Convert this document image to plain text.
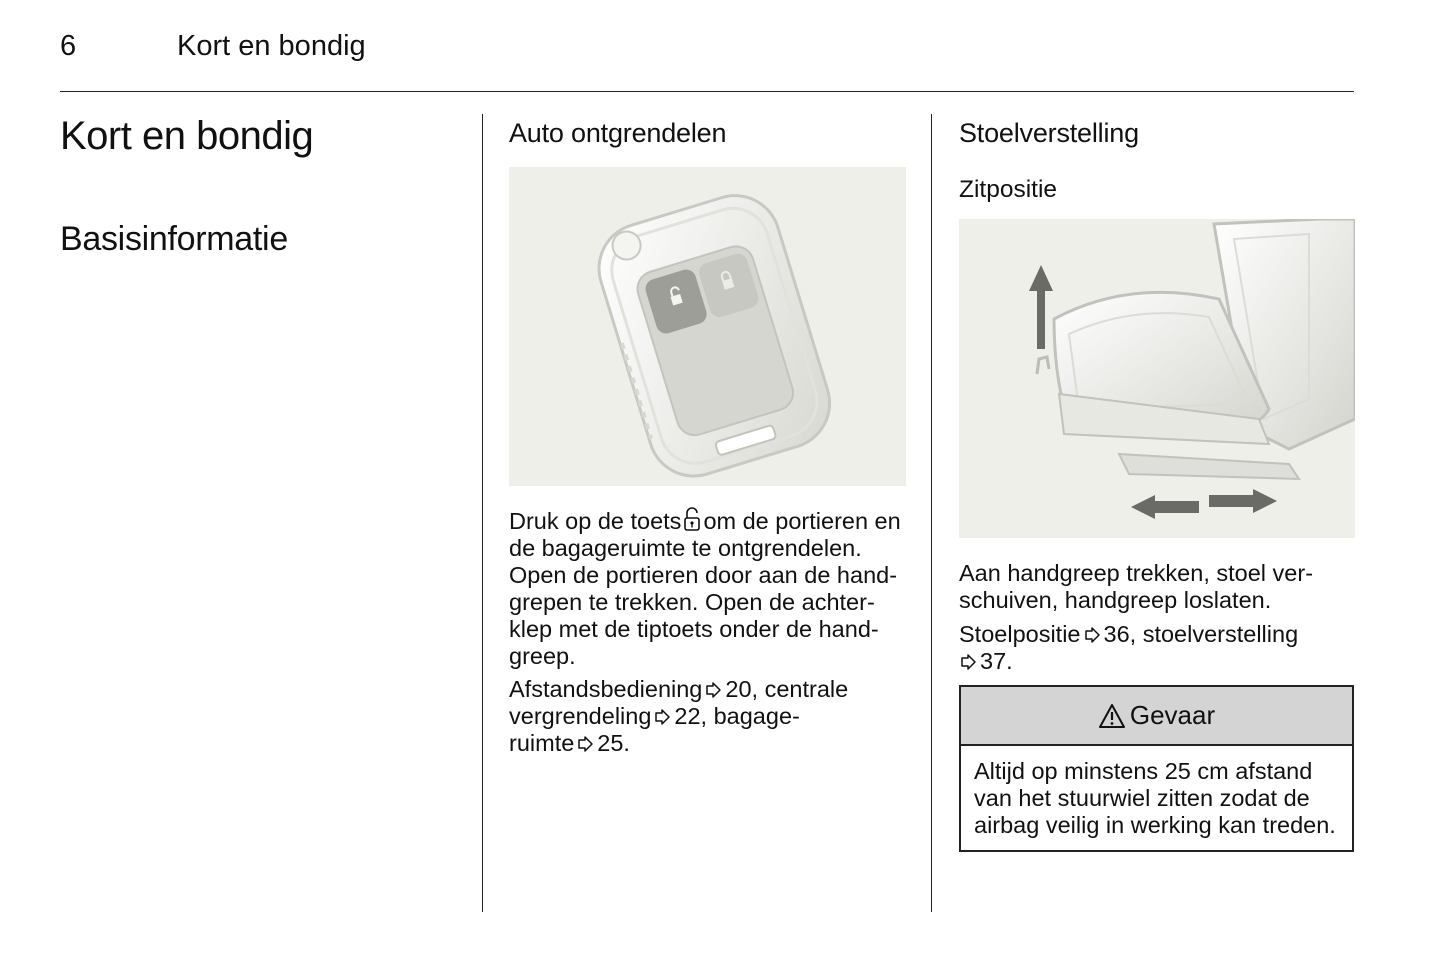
6	Kort en bondig
Kort en bondig
Basisinformatie
Auto ontgrendelen
Druk op de toets om de portieren en
de bagageruimte te ontgrendelen.
Open de portieren door aan de hand-
grepen te trekken. Open de achter-
klep met de tiptoets onder de hand-
greep.
Afstandsbediening 20, centrale
vergrendeling 22, bagage-
ruimte 25.
Stoelverstelling
Zitpositie
Aan handgreep trekken, stoel ver-
schuiven, handgreep loslaten.
Stoelpositie 36, stoelverstelling
37.
Gevaar
Altijd op minstens 25 cm afstand
van het stuurwiel zitten zodat de
airbag veilig in werking kan treden.
